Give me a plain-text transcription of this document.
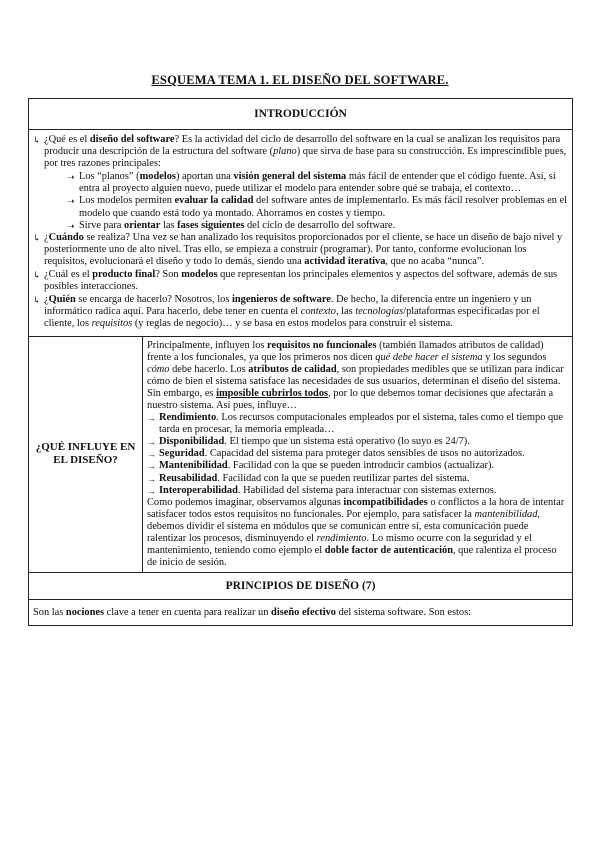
ESQUEMA TEMA 1. EL DISEÑO DEL SOFTWARE.
INTRODUCCIÓN
↳ ¿Qué es el diseño del software? Es la actividad del ciclo de desarrollo del software en la cual se analizan los requisitos para producir una descripción de la estructura del software (plano) que sirva de base para su construcción. Es imprescindible pues, por tres razones principales:
➝ Los “planos” (modelos) aportan una visión general del sistema más fácil de entender que el código fuente. Así, si entra al proyecto alguien nuevo, puede utilizar el modelo para entender sobre qué se trabaja, el contexto…
➝ Los modelos permiten evaluar la calidad del software antes de implementarlo. Es más fácil resolver problemas en el modelo que cuando está todo ya montado. Ahorramos en costes y tiempo.
➝ Sirve para orientar las fases siguientes del ciclo de desarrollo del software.
↳ ¿Cuándo se realiza? Una vez se han analizado los requisitos proporcionados por el cliente, se hace un diseño de bajo nivel y posteriormente uno de alto nivel. Tras ello, se empieza a construir (programar). Por tanto, conforme evolucionan los requisitos, evolucionará el diseño y todo lo demás, siendo una actividad iterativa, que no acaba “nunca”.
↳ ¿Cuál es el producto final? Son modelos que representan los principales elementos y aspectos del software, además de sus posibles interacciones.
↳ ¿Quién se encarga de hacerlo? Nosotros, los ingenieros de software. De hecho, la diferencia entre un ingeniero y un informático radica aquí. Para hacerlo, debe tener en cuenta el contexto, las tecnologías/plataformas especificadas por el cliente, los requisitos (y reglas de negocio)… y se basa en estos modelos para construir el sistema.
¿QUÉ INFLUYE EN EL DISEÑO?
Principalmente, influyen los requisitos no funcionales (también llamados atributos de calidad) frente a los funcionales, ya que los primeros nos dicen qué debe hacer el sistema y los segundos cómo debe hacerlo. Los atributos de calidad, son propiedades medibles que se utilizan para indicar cómo de bien el sistema satisface las necesidades de sus usuarios, determinan el diseño del sistema. Sin embargo, es imposible cubrirlos todos, por lo que debemos tomar decisiones que afectarán a nuestro sistema. Así pues, influye…
→ Rendimiento. Los recursos computacionales empleados por el sistema, tales como el tiempo que tarda en procesar, la memoria empleada…
→ Disponibilidad. El tiempo que un sistema está operativo (lo suyo es 24/7).
→ Seguridad. Capacidad del sistema para proteger datos sensibles de usos no autorizados.
→ Mantenibilidad. Facilidad con la que se pueden introducir cambios (actualizar).
→ Reusabilidad. Facilidad con la que se pueden reutilizar partes del sistema.
→ Interoperabilidad. Habilidad del sistema para interactuar con sistemas externos.
Como podemos imaginar, observamos algunas incompatibilidades o conflictos a la hora de intentar satisfacer todos estos requisitos no funcionales. Por ejemplo, para satisfacer la mantenibilidad, debemos dividir el sistema en módulos que se comunican entre sí, esta comunicación puede ralentizar los procesos, disminuyendo el rendimiento. Lo mismo ocurre con la seguridad y el mantenimiento, teniendo como ejemplo el doble factor de autenticación, que ralentiza el proceso de inicio de sesión.
PRINCIPIOS DE DISEÑO (7)
Son las nociones clave a tener en cuenta para realizar un diseño efectivo del sistema software. Son estos:
